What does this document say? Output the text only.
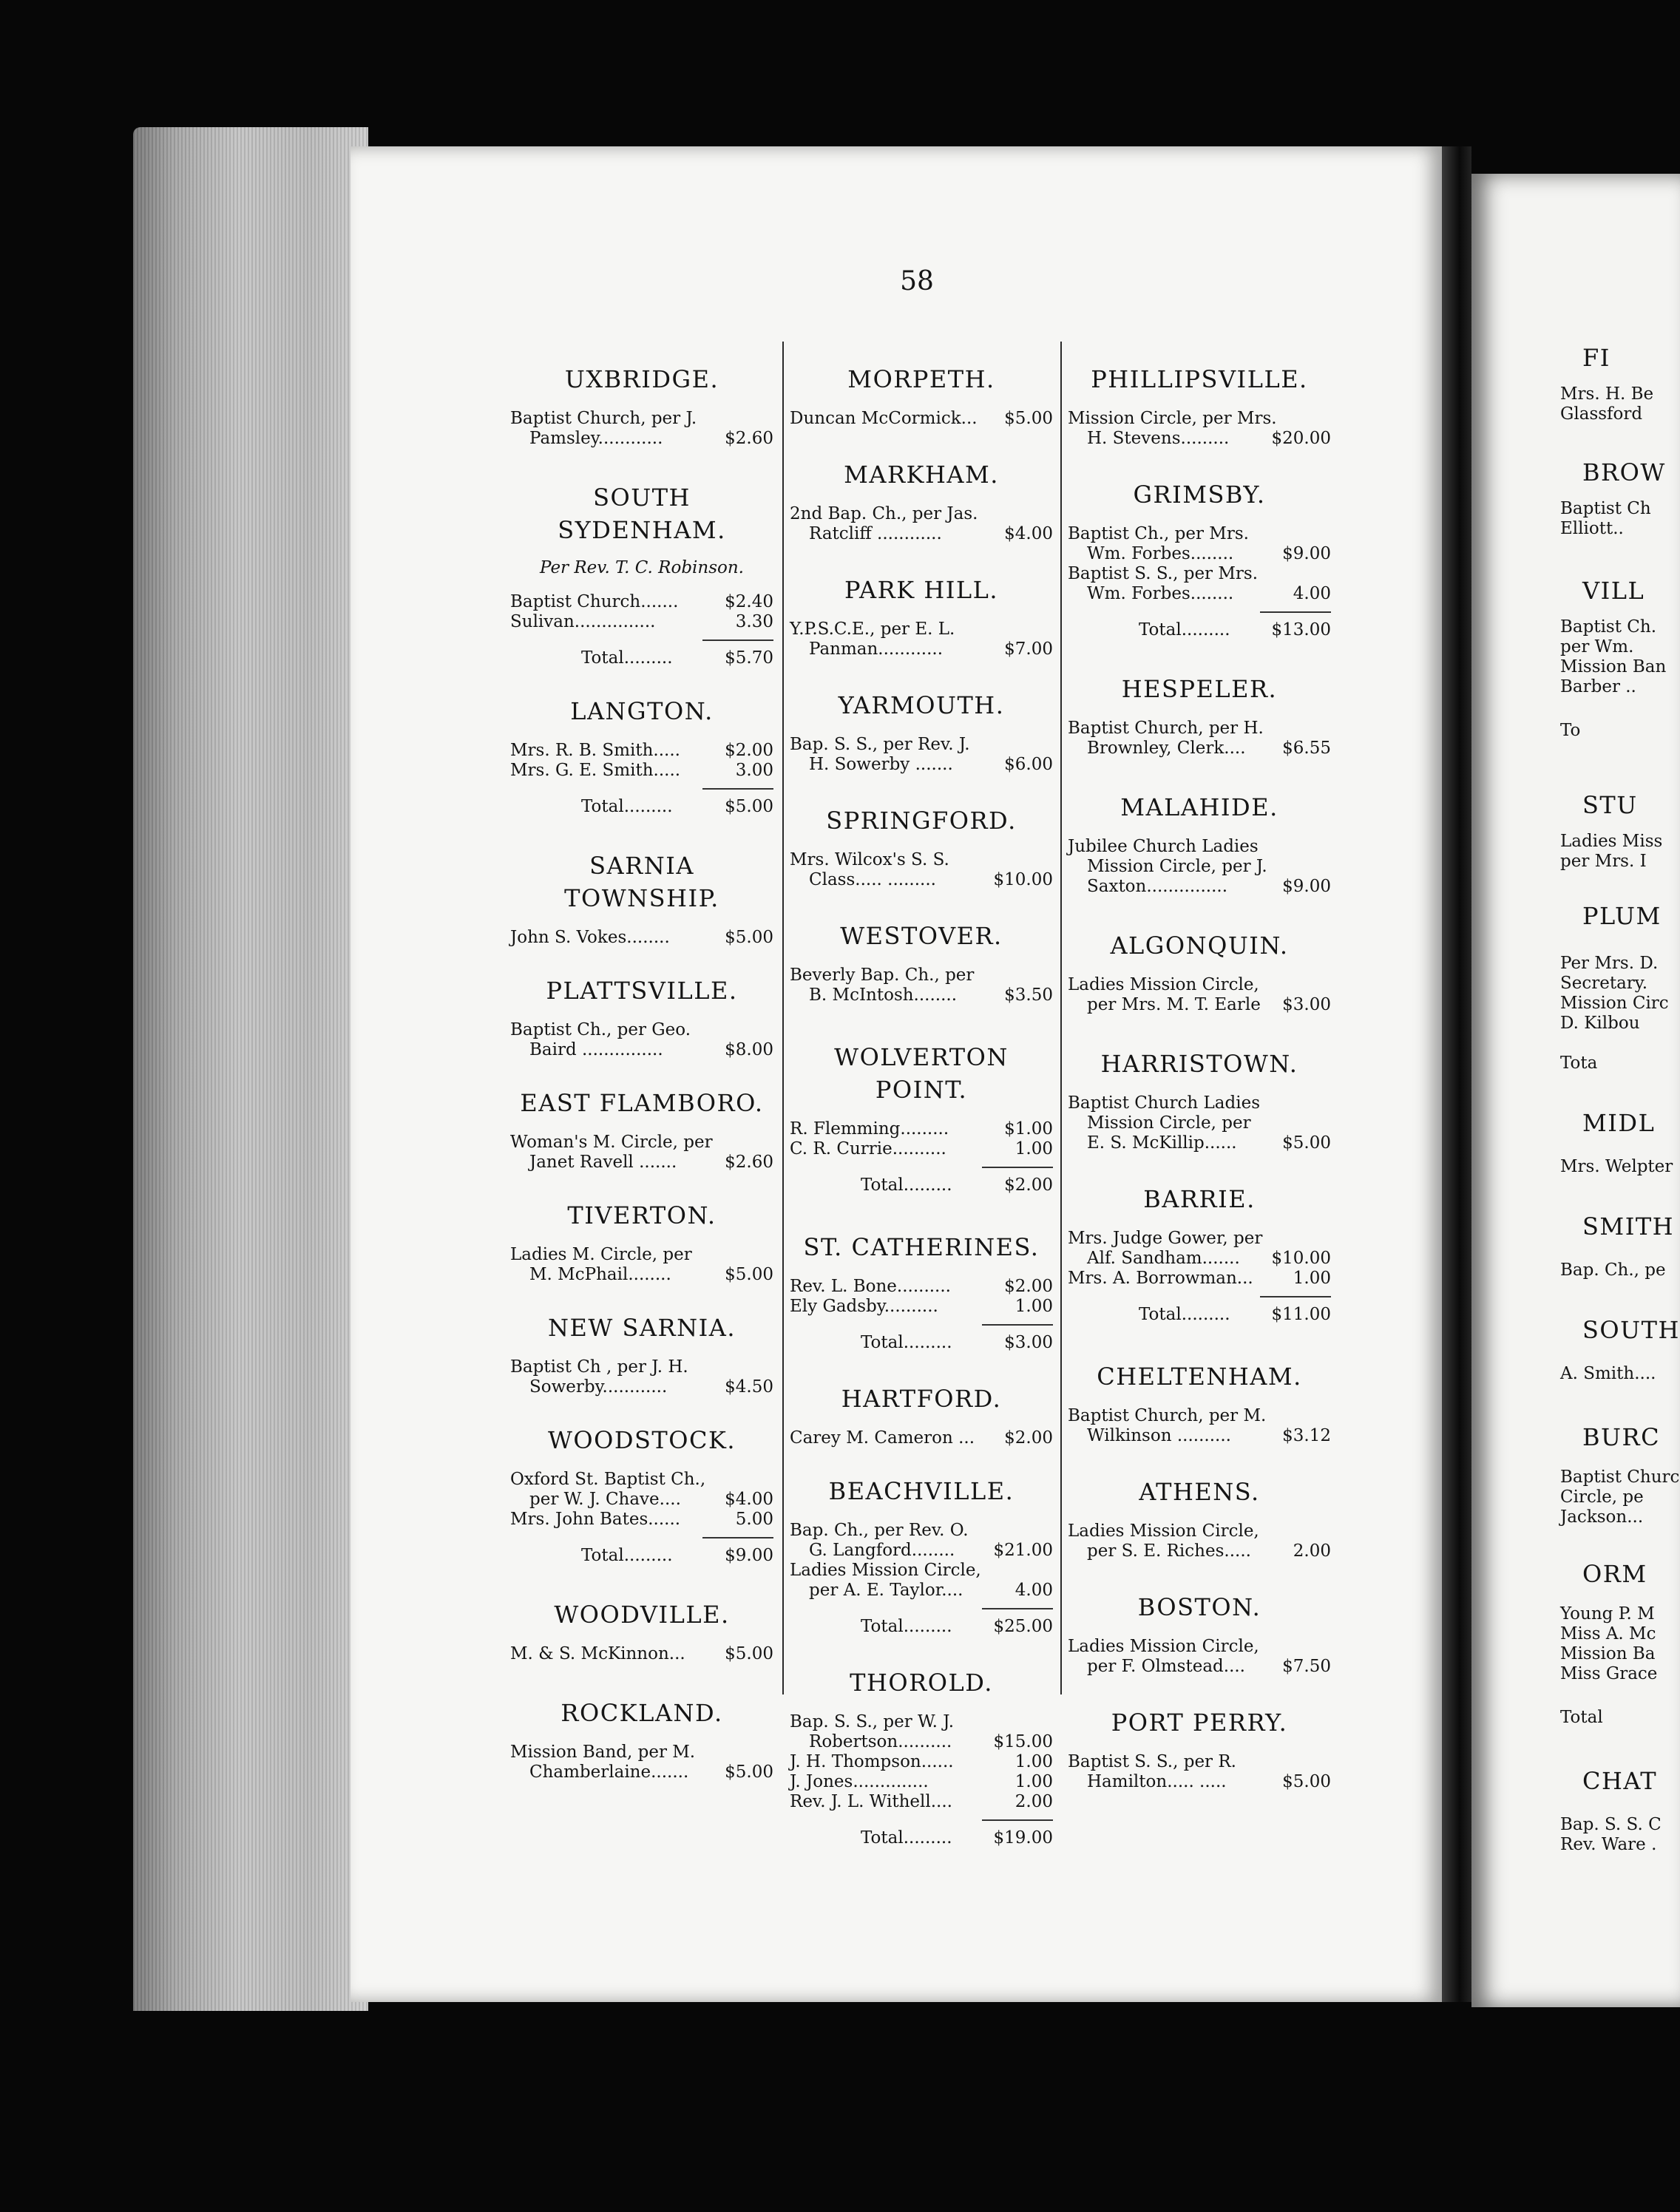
FI
Mrs. H. Be
Glassford
BROW
Baptist Ch
Elliott..
VILL
Baptist Ch.
per Wm.
Mission Ban
Barber ..
To
STU
Ladies Miss
per Mrs. I
PLUM
Per Mrs. D.
Secretary.
Mission Circ
D. Kilbou
Tota
MIDL
Mrs. Welpter
SMITH
Bap. Ch., pe
SOUTH
A. Smith....
BURC
Baptist Churc
Circle, pe
Jackson...
ORM
Young P. M
Miss A. Mc
Mission Ba
Miss Grace
Total
CHAT
Bap. S. S. C
Rev. Ware .
58
UXBRIDGE.
Baptist Church, per J.
Pamsley............	$2.60
SOUTH SYDENHAM.
Per Rev. T. C. Robinson.
Baptist Church.......	$2.40
Sulivan...............	3.30
Total.........	$5.70
LANGTON.
Mrs. R. B. Smith.....	$2.00
Mrs. G. E. Smith.....	3.00
Total.........	$5.00
SARNIA TOWNSHIP.
John S. Vokes........	$5.00
PLATTSVILLE.
Baptist Ch., per Geo.
Baird ...............	$8.00
EAST FLAMBORO.
Woman's M. Circle, per
Janet Ravell .......	$2.60
TIVERTON.
Ladies M. Circle, per
M. McPhail........	$5.00
NEW SARNIA.
Baptist Ch , per J. H.
Sowerby............	$4.50
WOODSTOCK.
Oxford St. Baptist Ch.,
per W. J. Chave....	$4.00
Mrs. John Bates......	5.00
Total.........	$9.00
WOODVILLE.
M. & S. McKinnon...	$5.00
ROCKLAND.
Mission Band, per M.
Chamberlaine.......	$5.00
MORPETH.
Duncan McCormick...	$5.00
MARKHAM.
2nd Bap. Ch., per Jas.
Ratcliff ............	$4.00
PARK HILL.
Y.P.S.C.E., per E. L.
Panman............	$7.00
YARMOUTH.
Bap. S. S., per Rev. J.
H. Sowerby .......	$6.00
SPRINGFORD.
Mrs. Wilcox's S. S.
Class..... .........	$10.00
WESTOVER.
Beverly Bap. Ch., per
B. McIntosh........	$3.50
WOLVERTON POINT.
R. Flemming.........	$1.00
C. R. Currie..........	1.00
Total.........	$2.00
ST. CATHERINES.
Rev. L. Bone..........	$2.00
Ely Gadsby..........	1.00
Total.........	$3.00
HARTFORD.
Carey M. Cameron ...	$2.00
BEACHVILLE.
Bap. Ch., per Rev. O.
G. Langford........	$21.00
Ladies Mission Circle,
per A. E. Taylor....	4.00
Total......... $25.00
THOROLD.
Bap. S. S., per W. J.
Robertson..........	$15.00
J. H. Thompson......	1.00
J. Jones..............	1.00
Rev. J. L. Withell....	2.00
Total......... $19.00
PHILLIPSVILLE.
Mission Circle, per Mrs.
H. Stevens.........	$20.00
GRIMSBY.
Baptist Ch., per Mrs.
Wm. Forbes........	$9.00
Baptist S. S., per Mrs.
Wm. Forbes........	4.00
Total......... $13.00
HESPELER.
Baptist Church, per H.
Brownley, Clerk....	$6.55
MALAHIDE.
Jubilee Church Ladies
Mission Circle, per J.
Saxton...............	$9.00
ALGONQUIN.
Ladies Mission Circle,
per Mrs. M. T. Earle	$3.00
HARRISTOWN.
Baptist Church Ladies
Mission Circle, per
E. S. McKillip......	$5.00
BARRIE.
Mrs. Judge Gower, per
Alf. Sandham.......	$10.00
Mrs. A. Borrowman...	1.00
Total......... $11.00
CHELTENHAM.
Baptist Church, per M.
Wilkinson ..........	$3.12
ATHENS.
Ladies Mission Circle,
per S. E. Riches.....	2.00
BOSTON.
Ladies Mission Circle,
per F. Olmstead....	$7.50
PORT PERRY.
Baptist S. S., per R.
Hamilton..... .....	$5.00
